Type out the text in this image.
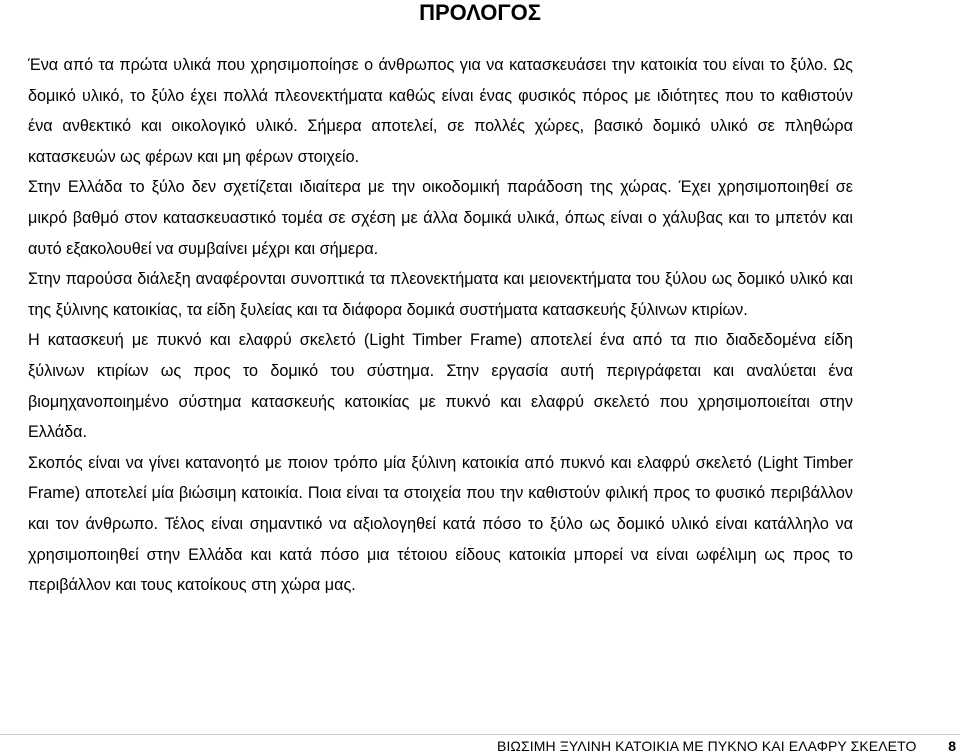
ΠΡΟΛΟΓΟΣ

Ένα από τα πρώτα υλικά που χρησιμοποίησε ο άνθρωπος για να κατασκευάσει την κατοικία του είναι το ξύλο. Ως δομικό υλικό, το ξύλο έχει πολλά πλεονεκτήματα καθώς είναι ένας φυσικός πόρος με ιδιότητες που το καθιστούν ένα ανθεκτικό και οικολογικό υλικό. Σήμερα αποτελεί, σε πολλές χώρες, βασικό δομικό υλικό σε πληθώρα κατασκευών ως φέρων και μη φέρων στοιχείο.

Στην Ελλάδα το ξύλο δεν σχετίζεται ιδιαίτερα με την οικοδομική παράδοση της χώρας. Έχει χρησιμοποιηθεί σε μικρό βαθμό στον κατασκευαστικό τομέα σε σχέση με άλλα δομικά υλικά, όπως είναι ο χάλυβας και το μπετόν και αυτό εξακολουθεί να συμβαίνει μέχρι και σήμερα.

Στην παρούσα διάλεξη αναφέρονται συνοπτικά τα πλεονεκτήματα και μειονεκτήματα του ξύλου ως δομικό υλικό και της ξύλινης κατοικίας, τα είδη ξυλείας και τα διάφορα δομικά συστήματα κατασκευής ξύλινων κτιρίων.

Η κατασκευή με πυκνό και ελαφρύ σκελετό (Light Timber Frame) αποτελεί ένα από τα πιο διαδεδομένα είδη ξύλινων κτιρίων ως προς το δομικό του σύστημα. Στην εργασία αυτή περιγράφεται και αναλύεται ένα βιομηχανοποιημένο σύστημα κατασκευής κατοικίας με πυκνό και ελαφρύ σκελετό που χρησιμοποιείται στην Ελλάδα.

Σκοπός είναι να γίνει κατανοητό με ποιον τρόπο μία ξύλινη κατοικία από πυκνό και ελαφρύ σκελετό (Light Timber Frame) αποτελεί μία βιώσιμη κατοικία. Ποια είναι τα στοιχεία που την καθιστούν φιλική προς το φυσικό περιβάλλον και τον άνθρωπο. Τέλος είναι σημαντικό να αξιολογηθεί κατά πόσο το ξύλο ως δομικό υλικό είναι κατάλληλο να χρησιμοποιηθεί στην Ελλάδα και κατά πόσο μια τέτοιου είδους κατοικία μπορεί να είναι ωφέλιμη ως προς το περιβάλλον και τους κατοίκους στη χώρα μας.

ΒΙΩΣΙΜΗ ΞΥΛΙΝΗ ΚΑΤΟΙΚΙΑ ΜΕ ΠΥΚΝΟ ΚΑΙ ΕΛΑΦΡΥ ΣΚΕΛΕΤΟ 8
